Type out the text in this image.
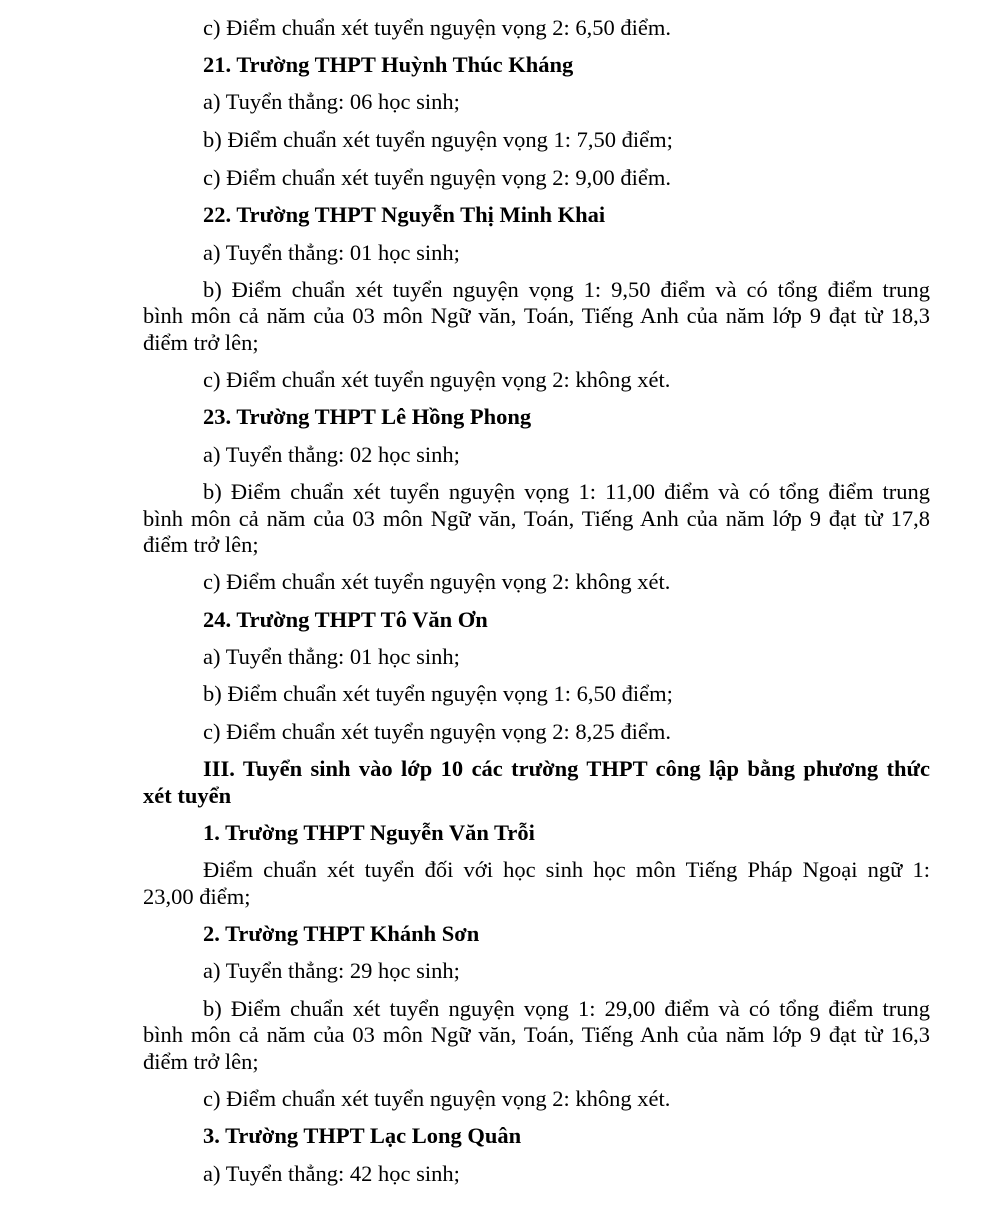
c) Điểm chuẩn xét tuyển nguyện vọng 2: 6,50 điểm.
21. Trường THPT Huỳnh Thúc Kháng
a) Tuyển thẳng: 06 học sinh;
b) Điểm chuẩn xét tuyển nguyện vọng 1: 7,50 điểm;
c) Điểm chuẩn xét tuyển nguyện vọng 2: 9,00 điểm.
22. Trường THPT Nguyễn Thị Minh Khai
a) Tuyển thẳng: 01 học sinh;
b) Điểm chuẩn xét tuyển nguyện vọng 1: 9,50 điểm và có tổng điểm trung
bình môn cả năm của 03 môn Ngữ văn, Toán, Tiếng Anh của năm lớp 9 đạt từ 18,3
điểm trở lên;
c) Điểm chuẩn xét tuyển nguyện vọng 2: không xét.
23. Trường THPT Lê Hồng Phong
a) Tuyển thẳng: 02 học sinh;
b) Điểm chuẩn xét tuyển nguyện vọng 1: 11,00 điểm và có tổng điểm trung
bình môn cả năm của 03 môn Ngữ văn, Toán, Tiếng Anh của năm lớp 9 đạt từ 17,8
điểm trở lên;
c) Điểm chuẩn xét tuyển nguyện vọng 2: không xét.
24. Trường THPT Tô Văn Ơn
a) Tuyển thẳng: 01 học sinh;
b) Điểm chuẩn xét tuyển nguyện vọng 1: 6,50 điểm;
c) Điểm chuẩn xét tuyển nguyện vọng 2: 8,25 điểm.
III. Tuyển sinh vào lớp 10 các trường THPT công lập bằng phương thức
xét tuyển
1. Trường THPT Nguyễn Văn Trỗi
Điểm chuẩn xét tuyển đối với học sinh học môn Tiếng Pháp Ngoại ngữ 1:
23,00 điểm;
2. Trường THPT Khánh Sơn
a) Tuyển thẳng: 29 học sinh;
b) Điểm chuẩn xét tuyển nguyện vọng 1: 29,00 điểm và có tổng điểm trung
bình môn cả năm của 03 môn Ngữ văn, Toán, Tiếng Anh của năm lớp 9 đạt từ 16,3
điểm trở lên;
c) Điểm chuẩn xét tuyển nguyện vọng 2: không xét.
3. Trường THPT Lạc Long Quân
a) Tuyển thẳng: 42 học sinh;
